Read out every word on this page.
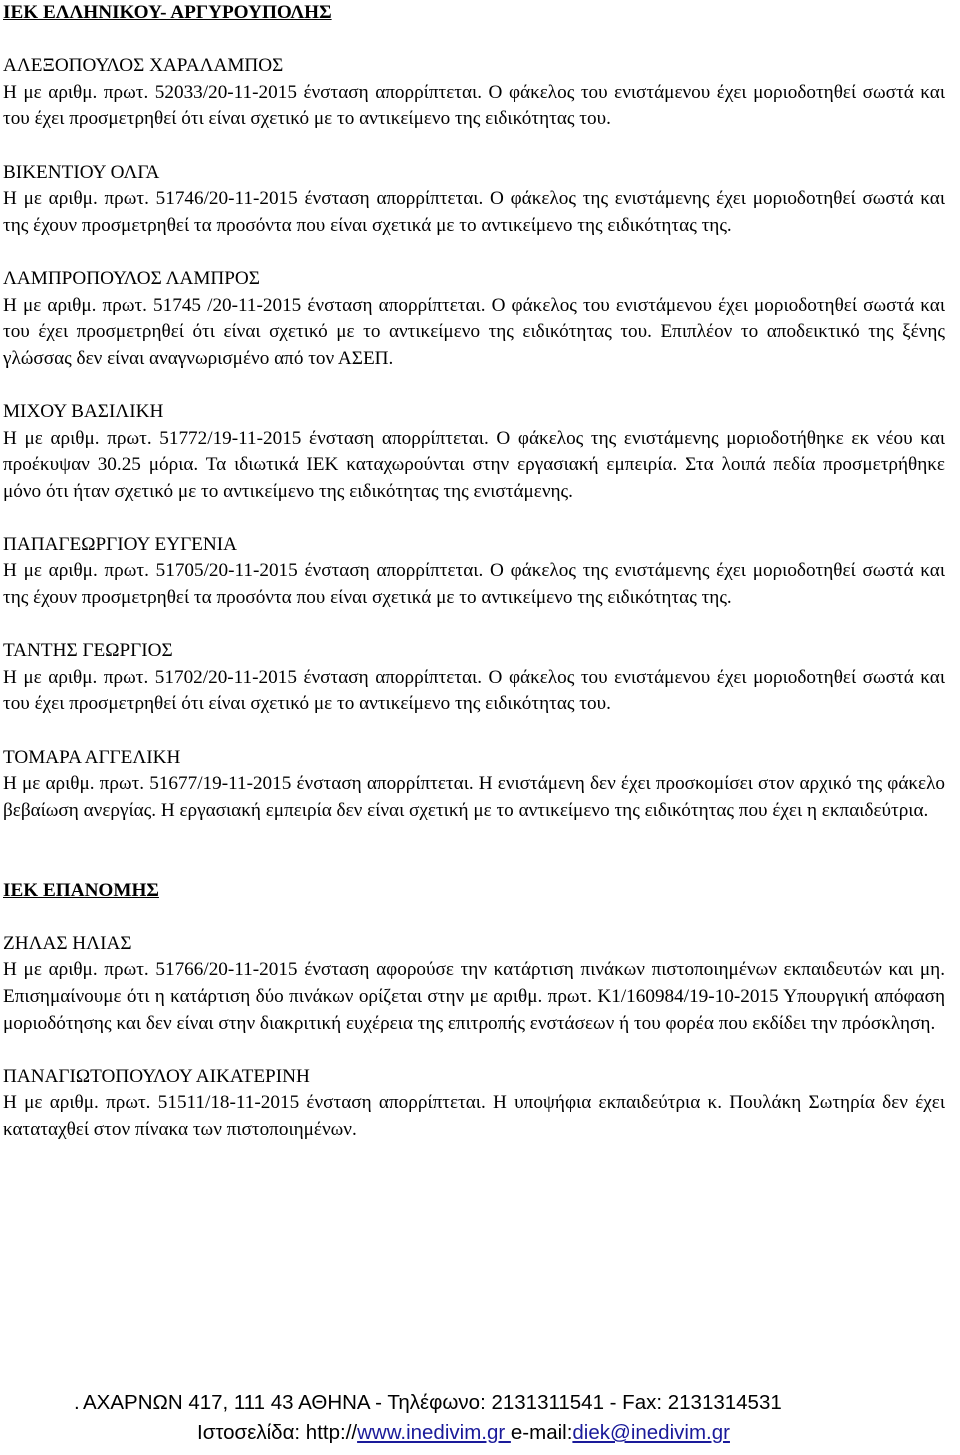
ΙΕΚ ΕΛΛΗΝΙΚΟΥ- ΑΡΓΥΡΟΥΠΟΛΗΣ

ΑΛΕΞΟΠΟΥΛΟΣ ΧΑΡΑΛΑΜΠΟΣ

Η με αριθμ. πρωτ. 52033/20-11-2015 ένσταση απορρίπτεται. Ο φάκελος του ενιστάμενου έχει μοριοδοτηθεί σωστά και του έχει προσμετρηθεί ότι είναι σχετικό με το αντικείμενο της ειδικότητας του.

ΒΙΚΕΝΤΙΟΥ ΟΛΓΑ

Η με αριθμ. πρωτ. 51746/20-11-2015 ένσταση απορρίπτεται. Ο φάκελος της ενιστάμενης έχει μοριοδοτηθεί σωστά και της έχουν προσμετρηθεί τα προσόντα που είναι σχετικά με το αντικείμενο της ειδικότητας της.

ΛΑΜΠΡΟΠΟΥΛΟΣ ΛΑΜΠΡΟΣ

Η με αριθμ. πρωτ. 51745 /20-11-2015 ένσταση απορρίπτεται. Ο φάκελος του ενιστάμενου έχει μοριοδοτηθεί σωστά και του έχει προσμετρηθεί ότι είναι σχετικό με το αντικείμενο της ειδικότητας του. Επιπλέον το αποδεικτικό της ξένης γλώσσας δεν είναι αναγνωρισμένο από τον ΑΣΕΠ.

ΜΙΧΟΥ ΒΑΣΙΛΙΚΗ

Η με αριθμ. πρωτ. 51772/19-11-2015 ένσταση απορρίπτεται. Ο φάκελος της ενιστάμενης μοριοδοτήθηκε εκ νέου και προέκυψαν 30.25 μόρια. Τα ιδιωτικά ΙΕΚ καταχωρούνται στην εργασιακή εμπειρία. Στα λοιπά πεδία προσμετρήθηκε μόνο ότι ήταν σχετικό με το αντικείμενο της ειδικότητας της ενιστάμενης.

ΠΑΠΑΓΕΩΡΓΙΟΥ ΕΥΓΕΝΙΑ

Η με αριθμ. πρωτ. 51705/20-11-2015 ένσταση απορρίπτεται. Ο φάκελος της ενιστάμενης έχει μοριοδοτηθεί σωστά και της έχουν προσμετρηθεί τα προσόντα που είναι σχετικά με το αντικείμενο της ειδικότητας της.

ΤΑΝΤΗΣ ΓΕΩΡΓΙΟΣ

Η με αριθμ. πρωτ. 51702/20-11-2015 ένσταση απορρίπτεται. Ο φάκελος του ενιστάμενου έχει μοριοδοτηθεί σωστά και του έχει προσμετρηθεί ότι είναι σχετικό με το αντικείμενο της ειδικότητας του.

ΤΟΜΑΡΑ ΑΓΓΕΛΙΚΗ

Η με αριθμ. πρωτ. 51677/19-11-2015 ένσταση απορρίπτεται. Η ενιστάμενη δεν έχει προσκομίσει στον αρχικό της φάκελο βεβαίωση ανεργίας. Η εργασιακή εμπειρία δεν είναι σχετική με το αντικείμενο της ειδικότητας που έχει η εκπαιδεύτρια.

ΙΕΚ ΕΠΑΝΟΜΗΣ

ΖΗΛΑΣ ΗΛΙΑΣ

Η με αριθμ. πρωτ. 51766/20-11-2015 ένσταση αφορούσε την κατάρτιση πινάκων πιστοποιημένων εκπαιδευτών και μη. Επισημαίνουμε ότι η κατάρτιση δύο πινάκων ορίζεται στην με αριθμ. πρωτ. Κ1/160984/19-10-2015 Υπουργική απόφαση μοριοδότησης και δεν είναι στην διακριτική ευχέρεια της επιτροπής ενστάσεων ή του φορέα που εκδίδει την πρόσκληση.

ΠΑΝΑΓΙΩΤΟΠΟΥΛΟΥ ΑΙΚΑΤΕΡΙΝΗ

Η με αριθμ. πρωτ. 51511/18-11-2015 ένσταση απορρίπτεται. Η υποψήφια εκπαιδεύτρια κ. Πουλάκη Σωτηρία δεν έχει καταταχθεί στον πίνακα των πιστοποιημένων.

. ΑΧΑΡΝΩΝ 417, 111 43 ΑΘΗΝΑ - Τηλέφωνο: 2131311541 - Fax: 2131314531
Ιστοσελίδα: http://www.inedivim.gr e-mail:diek@inedivim.gr
